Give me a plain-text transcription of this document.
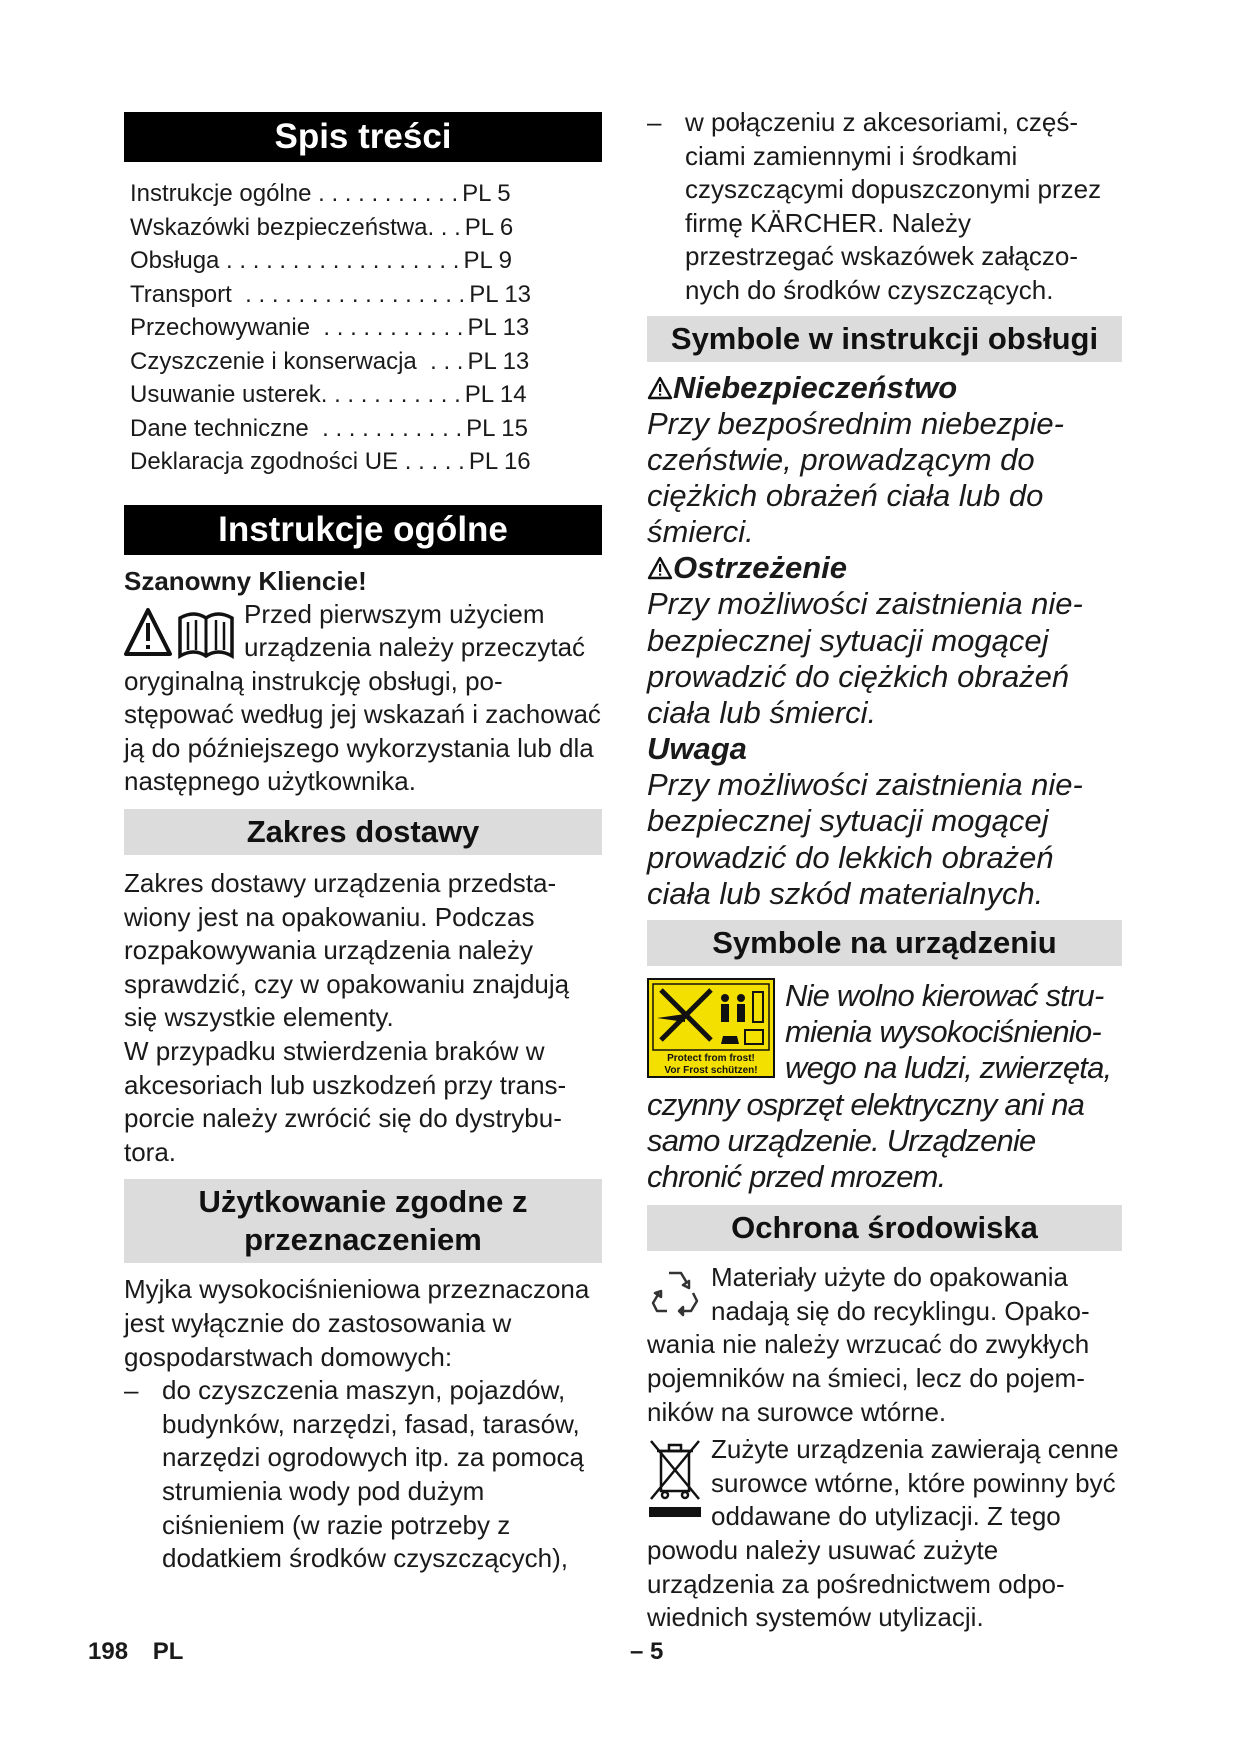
Spis treści
Instrukcje ogólne . . . . . . . . . . . PL 5
Wskazówki bezpieczeństwa. . . PL 6
Obsługa . . . . . . . . . . . . . . . . . . PL 9
Transport  . . . . . . . . . . . . . . . . . PL 13
Przechowywanie  . . . . . . . . . . . PL 13
Czyszczenie i konserwacja  . . . PL 13
Usuwanie usterek. . . . . . . . . . . PL 14
Dane techniczne  . . . . . . . . . . . PL 15
Deklaracja zgodności UE . . . . . PL 16
Instrukcje ogólne
Szanowny Kliencie!

Przed pierwszym użyciem urządzenia należy przeczytać oryginalną instrukcję obsługi, postępować według jej wskazań i zachować ją do późniejszego wykorzystania lub dla następnego użytkownika.

Zakres dostawy

Zakres dostawy urządzenia przedstawiony jest na opakowaniu. Podczas rozpakowywania urządzenia należy sprawdzić, czy w opakowaniu znajdują się wszystkie elementy.

W przypadku stwierdzenia braków w akcesoriach lub uszkodzeń przy transporcie należy zwrócić się do dystrybutora.

Użytkowanie zgodne z
przeznaczeniem

Myjka wysokociśnieniowa przeznaczona jest wyłącznie do zastosowania w gospodarstwach domowych:

– do czyszczenia maszyn, pojazdów, budynków, narzędzi, fasad, tarasów, narzędzi ogrodowych itp. za pomocą strumienia wody pod dużym ciśnieniem (w razie potrzeby z dodatkiem środków czyszczących),

– w połączeniu z akcesoriami, częściami zamiennymi i środkami czyszczącymi dopuszczonymi przez firmę KÄRCHER. Należy przestrzegać wskazówek załączonych do środków czyszczących.

Symbole w instrukcji obsługi
Niebezpieczeństwo

Przy bezpośrednim niebezpieczeństwie, prowadzącym do ciężkich obrażeń ciała lub do śmierci.

Ostrzeżenie

Przy możliwości zaistnienia niebezpiecznej sytuacji mogącej prowadzić do ciężkich obrażeń ciała lub śmierci.

Uwaga

Przy możliwości zaistnienia niebezpiecznej sytuacji mogącej prowadzić do lekkich obrażeń ciała lub szkód materialnych.

Symbole na urządzeniu
Protect from frost!
Vor Frost schützen!

Nie wolno kierować strumienia wysokociśnieniowego na ludzi, zwierzęta, czynny osprzęt elektryczny ani na samo urządzenie. Urządzenie chronić przed mrozem.

Ochrona środowiska

Materiały użyte do opakowania nadają się do recyklingu. Opakowania nie należy wrzucać do zwykłych pojemników na śmieci, lecz do pojemników na surowce wtórne.

Zużyte urządzenia zawierają cenne surowce wtórne, które powinny być oddawane do utylizacji. Z tego powodu należy usuwać zużyte urządzenia za pośrednictwem odpowiednich systemów utylizacji.

198 PL	– 5
